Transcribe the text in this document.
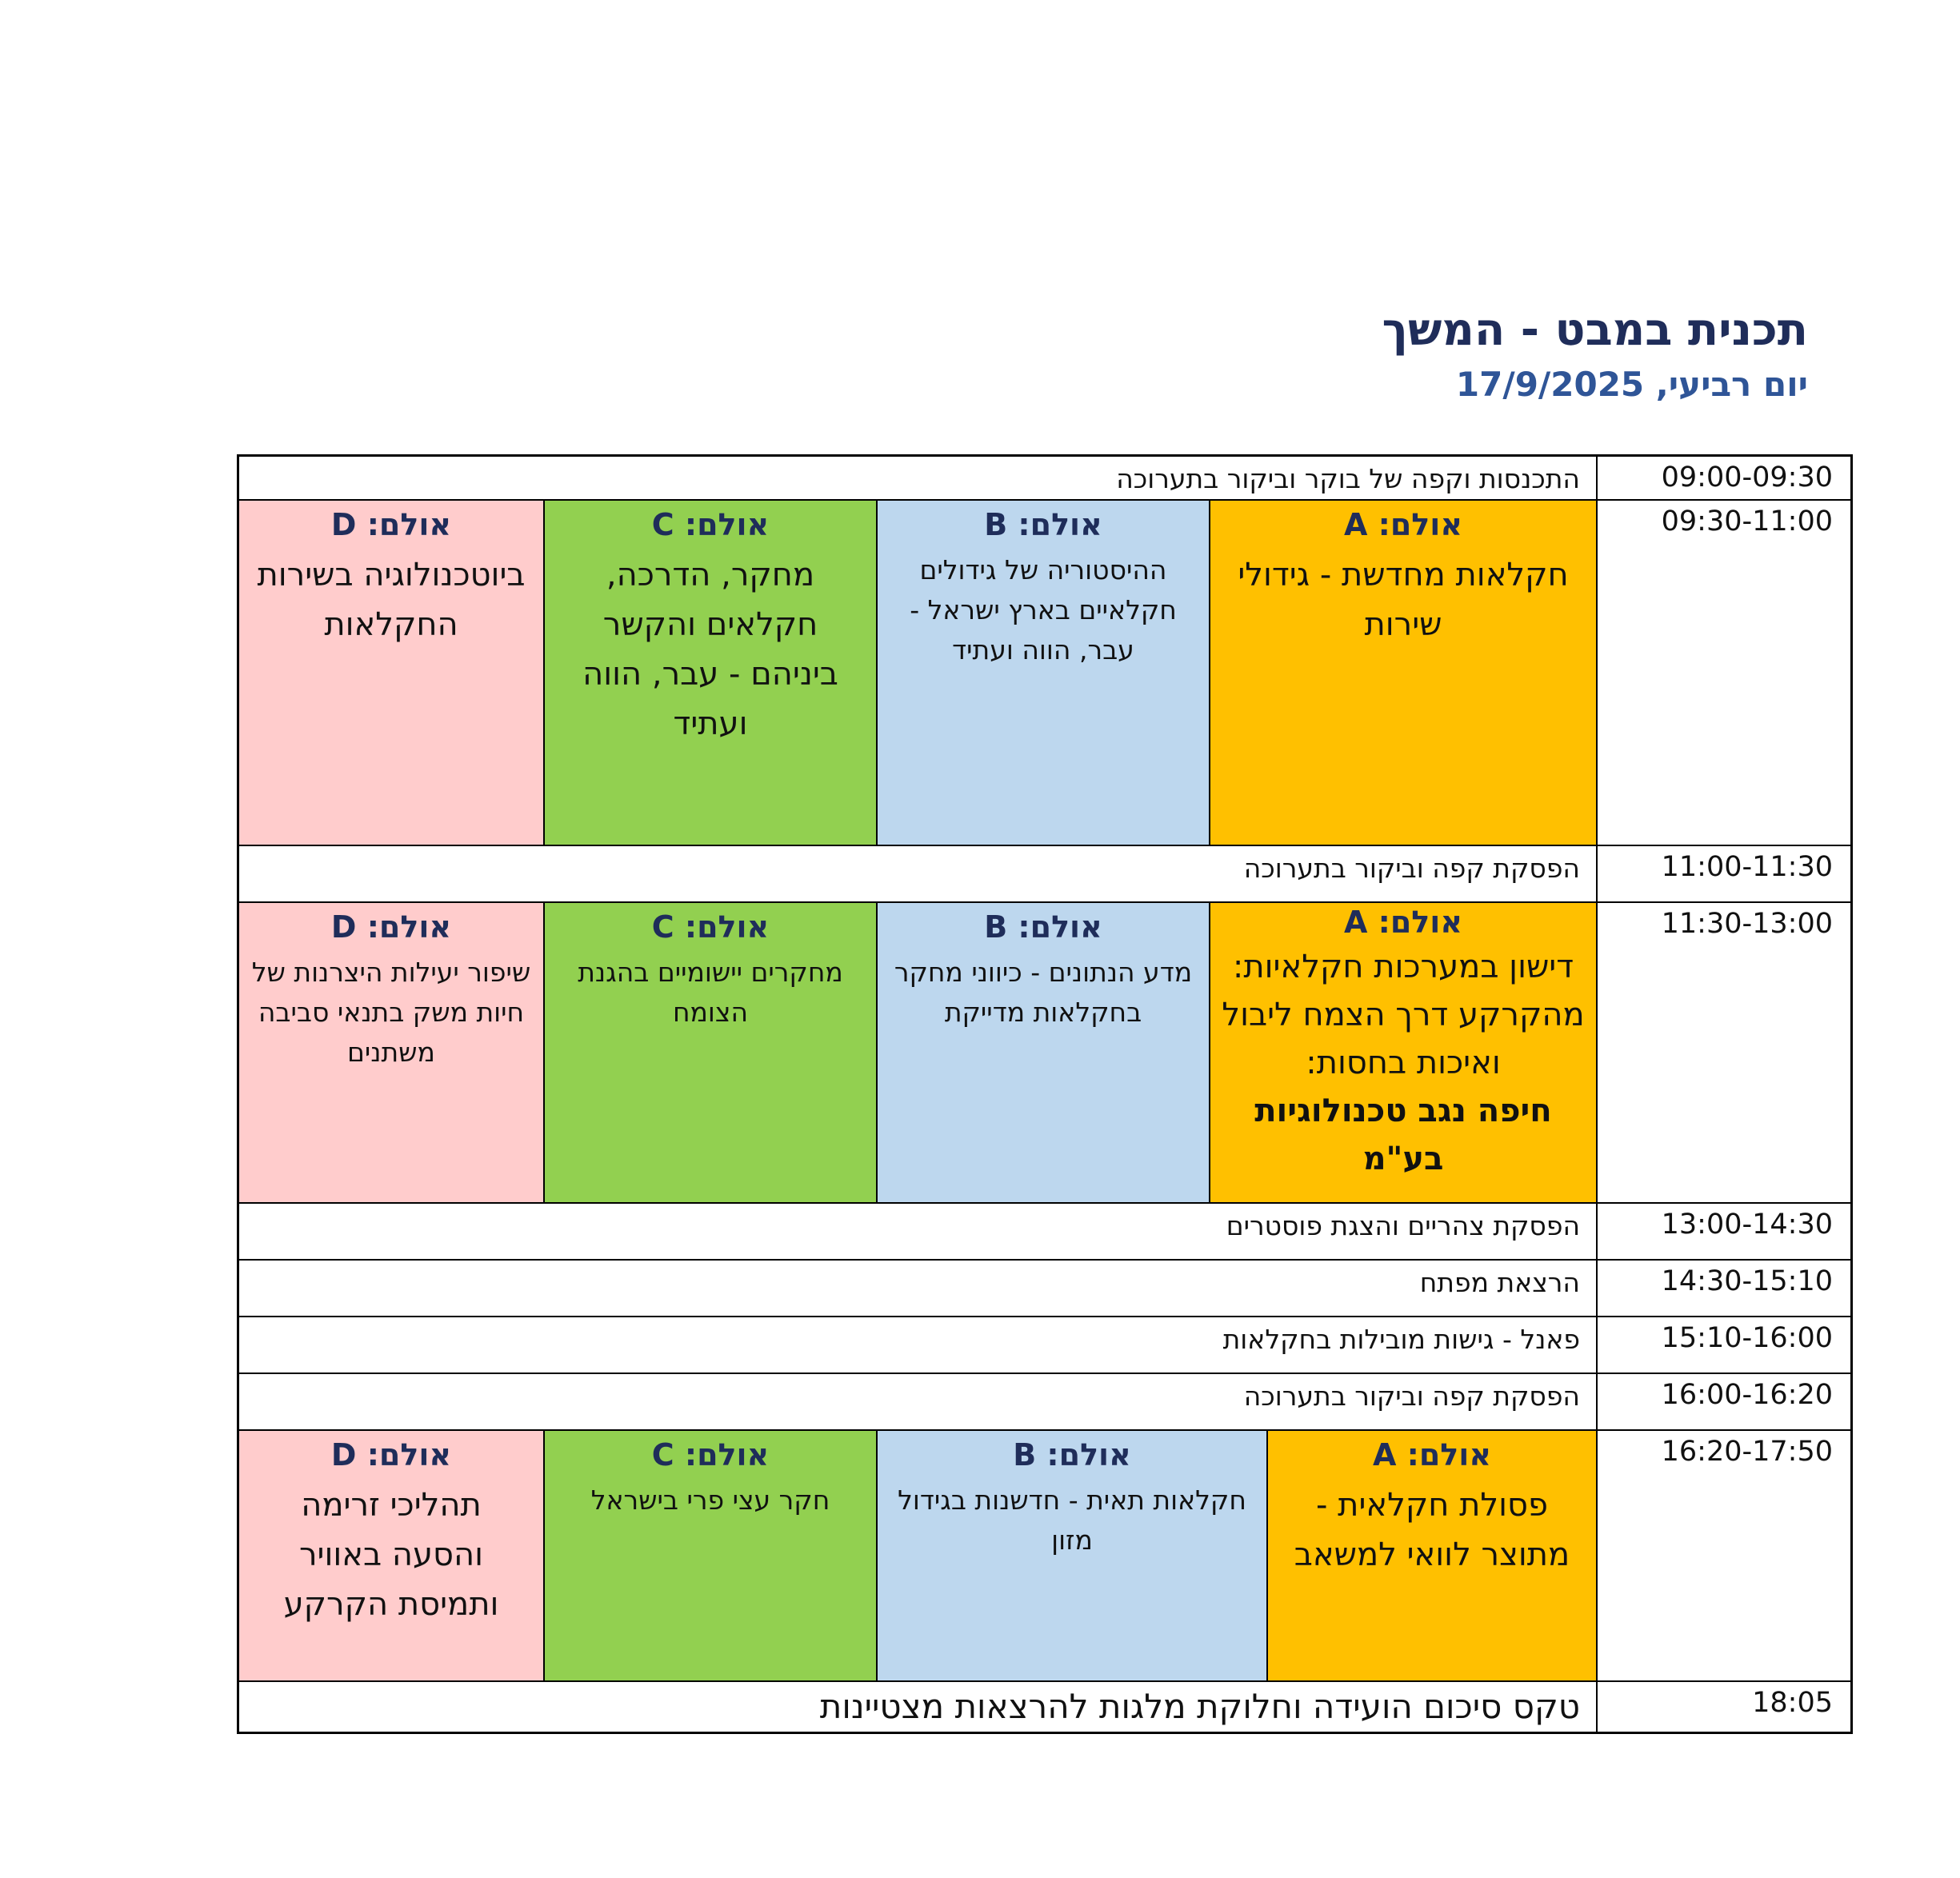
תכנית במבט - המשך
יום רביעי, 17/9/2025
09:00-09:30
התכנסות וקפה של בוקר וביקור בתערוכה
09:30-11:00
אולם: A
חקלאות מחדשת - גידולי שירות
אולם: B
ההיסטוריה של גידולים חקלאיים בארץ ישראל - עבר, הווה ועתיד
אולם: C
מחקר, הדרכה, חקלאים והקשר ביניהם - עבר, הווה ועתיד
אולם: D
ביוטכנולוגיה בשירות החקלאות
11:00-11:30
הפסקת קפה וביקור בתערוכה
11:30-13:00
אולם: A
דישון במערכות חקלאיות: מהקרקע דרך הצמח ליבול ואיכות בחסות:
חיפה נגב טכנולוגיות בע"מ
אולם: B
מדע הנתונים - כיווני מחקר בחקלאות מדייקת
אולם: C
מחקרים יישומיים בהגנת הצומח
אולם: D
שיפור יעילות היצרנות של חיות משק בתנאי סביבה משתנים
13:00-14:30
הפסקת צהריים והצגת פוסטרים
14:30-15:10
הרצאת מפתח
15:10-16:00
פאנל - גישות מובילות בחקלאות
16:00-16:20
הפסקת קפה וביקור בתערוכה
16:20-17:50
אולם: A
פסולת חקלאית - מתוצר לוואי למשאב
אולם: B
חקלאות תאית - חדשנות בגידול מזון
אולם: C
חקר עצי פרי בישראל
אולם: D
תהליכי זרימה והסעה באוויר ותמיסת הקרקע
18:05
טקס סיכום הועידה וחלוקת מלגות להרצאות מצטיינות
